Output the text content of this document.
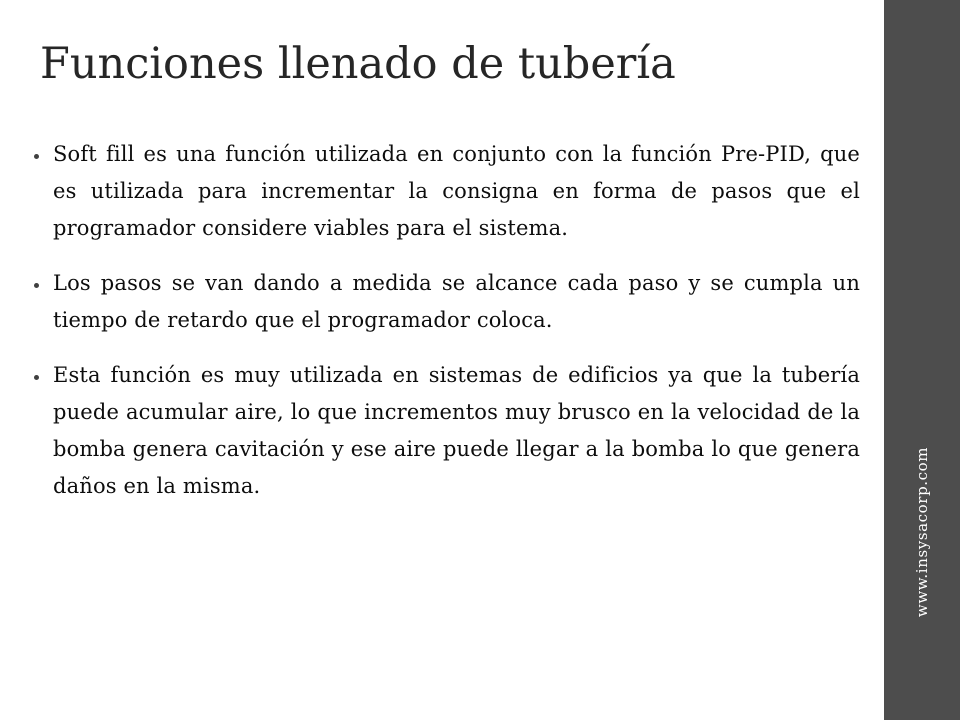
Funciones llenado de tubería
Soft fill es una función utilizada en conjunto con la función Pre-PID, que es utilizada para incrementar la consigna en forma de pasos que el programador considere viables para el sistema.
Los pasos se van dando a medida se alcance cada paso y se cumpla un tiempo de retardo que el programador coloca.
Esta función es muy utilizada en sistemas de edificios ya que la tubería puede acumular aire, lo que incrementos muy brusco en la velocidad de la bomba genera cavitación y ese aire puede llegar a la bomba lo que genera daños en la misma.	www.insysacorp.com
